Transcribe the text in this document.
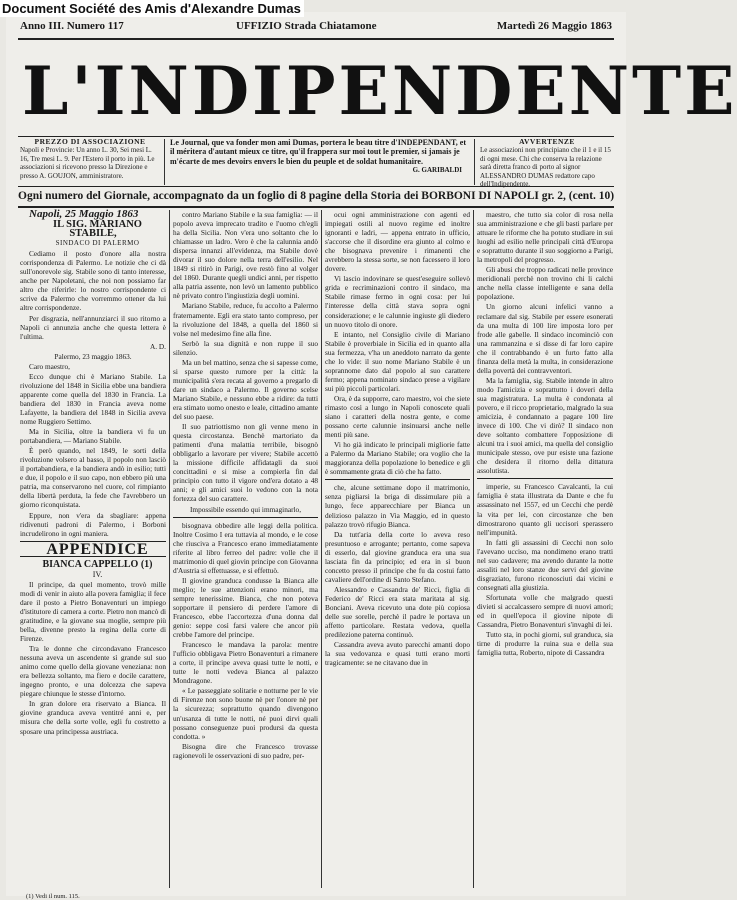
Document Société des Amis d'Alexandre Dumas
Anno III. Numero 117	UFFIZIO Strada Chiatamone	Martedì 26 Maggio 1863
L'INDIPENDENTE
PREZZO DI ASSOCIAZIONE
Napoli e Provincie: Un anno L. 30, Sei mesi L. 16, Tre mesi L. 9. Per l'Estero il porto in più. Le associazioni si ricevono presso la Direzione e presso A. GOUJON, amministratore.
Le Journal, que va fonder mon ami Dumas, portera le beau titre d'INDEPENDANT, et il méritera d'autant mieux ce titre, qu'il frappera sur moi tout le premier, si jamais je m'écarte de mes devoirs envers le bien du peuple et de soldat humanitaire.
G. GARIBALDI
AVVERTENZE
Le associazioni non principiano che il 1 e il 15 di ogni mese. Chi che conserva la relazione sarà diretta franco di porto al signor ALESSANDRO DUMAS redattore capo dell'Indipendente.
Ogni numero del Giornale, accompagnato da un foglio di 8 pagine della Storia dei BORBONI DI NAPOLI gr. 2, (cent. 10)

Napoli, 25 Maggio 1863

IL SIG. MARIANO STABILE,

SINDACO DI PALERMO

Cediamo il posto d'onore alla nostra corrispondenza di Palermo. Le notizie che ci dà sull'onorevole sig. Stabile sono di tanto interesse, anche per Napoletani, che noi non possiamo far altro che riferirle: lo nostro corrispondente ci scrive da Palermo che vorremmo ottener da lui altre corrispondenze.

Per disgrazia, nell'annunziarci il suo ritorno a Napoli ci annunzia anche che questa lettera è l'ultima.

A. D.

Palermo, 23 maggio 1863.

Caro maestro,

Ecco dunque chi è Mariano Stabile. La rivoluzione del 1848 in Sicilia ebbe una bandiera apparente come quella del 1830 in Francia. La bandiera del 1830 in Francia aveva nome Lafayette, la bandiera del 1848 in Sicilia aveva nome Ruggiero Settimo.

Ma in Sicilia, oltre la bandiera vi fu un portabandiera, — Mariano Stabile.

È però quando, nel 1849, le sorti della rivoluzione volsero al basso, il popolo non lasciò il portabandiera, e la bandiera andò in esilio; tutti e due, il popolo e il suo capo, non ebbero più una patria, ma conservarono nel cuore, col rimpianto della libertà perduta, la fede che l'avrebbero un giorno riconquistata.

Eppure, non v'era da sbagliare: appena ridivenuti padroni di Palermo, i Borboni incrudelirono in ogni maniera.

APPENDICE

BIANCA CAPPELLO (1)

IV.

Il principe, da quel momento, trovò mille modi di venir in aiuto alla povera famiglia; il fece dare il posto a Pietro Bonaventuri un impiego d'istitutore di camera a corte. Pietro non mancò di gratitudine, e la giovane sua moglie, sempre più bella, divenne presto la regina della corte di Firenze.

Tra le donne che circondavano Francesco nessuna aveva un ascendente sì grande sul suo animo come quello della giovane veneziana: non era bellezza soltanto, ma fiero e docile carattere, ingegno pronto, e una dolcezza che sapeva piegare chiunque le stesse d'intorno.

In gran dolore era riservato a Bianca. Il giovine granduca aveva ventitré anni e, per misura che della sorte volle, egli fu costretto a sposare una principessa austriaca.

(1) Vedi il num. 115.

contro Mariano Stabile e la sua famiglia: — il popolo aveva imprecato tradito e l'uomo ch'egli ha della Sicilia. Non v'era uno soltanto che lo chiamasse un ladro. Vero è che la calunnia andò dispersa innanzi all'evidenza, ma Stabile dovè divorar il suo dolore nella terra dell'esilio. Nel 1849 si ritirò in Parigi, ove restò fino al volger del 1860. Durante quegli undici anni, per rispetto alla patria assente, non levò un lamento pubblico nè privato contro l'ingiustizia degli uomini.

Mariano Stabile, reduce, fu accolto a Palermo fraternamente. Egli era stato tanto compreso, per la rivoluzione del 1848, a quella del 1860 si volse nel medesimo fine alla fine.

Serbò la sua dignità e non ruppe il suo silenzio.

Ma un bel mattino, senza che si sapesse come, si sparse questo rumore per la città: la municipalità s'era recata al governo a pregarlo di dare un sindaco a Palermo. Il governo scelse Mariano Stabile, e nessuno ebbe a ridire: da tutti era stimato uomo onesto e leale, cittadino amante del suo paese.

Il suo patriottismo non gli venne meno in questa circostanza. Benchè martoriato da patimenti d'una malattia terribile, bisognò obbligarlo a lavorare per vivere; Stabile accettò la missione difficile affidatagli da suoi concittadini e si mise a compierla fin dal principio con tutto il vigore ond'era dotato a 48 anni; e gli amici suoi lo vedono con la nota fortezza del suo carattere.

Impossibile essendo qui immaginarlo,

bisognava obbedire alle leggi della politica. Inoltre Cosimo I era tuttavia al mondo, e le cose che riusciva a Francesco erano immediatamente riferite al libro ferreo del padre: volle che il matrimonio di quel giovin principe con Giovanna d'Austria si effettuasse, e si effettuò.

Il giovine granduca condusse la Bianca alle meglio; le sue attenzioni erano minori, ma sempre tenerissime. Bianca, che non poteva sopportare il pensiero di perdere l'amore di Francesco, ebbe l'accortezza d'una donna dal genio: seppe così farsi valere che ancor più crebbe l'amore del principe.

Francesco le mandava la parola: mentre l'ufficio obbligava Pietro Bonaventuri a rimanere a corte, il principe aveva quasi tutte le notti, e tutte le notti vedeva Bianca al palazzo Mondragone.

« Le passeggiate solitarie e notturne per le vie di Firenze non sono buone nè per l'onore nè per la sicurezza; soprattutto quando divengono un'usanza di tutte le notti, né puoi dirvi quali possano conseguenze puoi prodursi da questa condotta. »

Bisogna dire che Francesco trovasse ragionevoli le osservazioni di suo padre, per-

ocui ogni amministrazione con agenti ed impiegati ostili al nuovo regime ed inoltre ignoranti e ladri, — appena entrato in ufficio, s'accorse che il disordine era giunto al colmo e che bisognava prevenire i rimanenti che avrebbero la stessa sorte, se non facessero il loro dovere.

Vi lascio indovinare se quest'eseguire sollevò grida e recriminazioni contro il sindaco, ma Stabile rimase fermo in ogni cosa: per lui l'interesse della città stava sopra ogni considerazione; e le calunnie ingiuste gli diedero un nuovo titolo di onore.

E intanto, nel Consiglio civile di Mariano Stabile è proverbiale in Sicilia ed in quanto alla sua fermezza, v'ha un aneddoto narrato da gente che lo vide: il suo nome Mariano Stabile è un soprannome dato dal popolo al suo carattere fermo; appena nominato sindaco prese a vigilare sui più piccoli particolari.

Ora, è da supporre, caro maestro, voi che siete rimasto così a lungo in Napoli conoscete quali siano i caratteri della nostra gente, e come possano certe calunnie insinuarsi anche nelle menti più sane.

Vi ho già indicato le principali migliorie fatte a Palermo da Mariano Stabile; ora voglio che la maggioranza della popolazione lo benedice e gli è sommamente grata di ciò che ha fatto.

che, alcune settimane dopo il matrimonio, senza pigliarsi la briga di dissimulare più a lungo, fece apparecchiare per Bianca un delizioso palazzo in Via Maggio, ed in questo palazzo trovò rifugio Bianca.

Da tutt'aria della corte lo aveva reso presuntuoso e arrogante; pertanto, come sapeva di esserlo, dal giovine granduca era una sua lasciata fin da principio; ed era in sì buon concetto presso il principe che fu da costui fatto cavaliere dell'ordine di Santo Stefano.

Alessandro e Cassandra de' Ricci, figlia di Federico de' Ricci era stata maritata al sig. Bonciani. Aveva ricevuto una dote più copiosa delle sue sorelle, perchè il padre le portava un affetto particolare. Restata vedova, quella predilezione paterna continuò.

Cassandra aveva avuto parecchi amanti dopo la sua vedovanza e quasi tutti erano morti tragicamente: se ne citavano due in

maestro, che tutto sia color di rosa nella sua amministrazione e che gli basti parlare per attuare le riforme che ha potuto studiare in sui luoghi ad esilio nelle principali città d'Europa e soprattutto durante il suo soggiorno a Parigi, la metropoli del progresso.

Gli abusi che troppo radicati nelle province meridionali perchè non trovino chi li calchi anche nella classe intelligente e sana della popolazione.

Un giorno alcuni infelici vanno a reclamare dal sig. Stabile per essere esonerati da una multa di 100 lire imposta loro per frode alle gabelle. Il sindaco incominciò con una rammanzina e si disse di far loro capire che il contrabbando è un furto fatto alla finanza della metà la multa, in considerazione della povertà dei contravventori.

Ma la famiglia, sig. Stabile intende in altro modo l'amicizia e soprattutto i doveri della sua magistratura. La multa è condonata al povero, e il ricco proprietario, malgrado la sua amicizia, è condannato a pagare 100 lire invece di 100. Che vi dirò? Il sindaco non deve soltanto combattere l'opposizione di alcuni tra i suoi amici, ma quella del consiglio municipale stesso, ove pur esiste una fazione che desidera il ritorno della dittatura assolutista.

imperie, su Francesco Cavalcanti, la cui famiglia è stata illustrata da Dante e che fu assassinato nel 1557, ed un Cecchi che perdè la vita per lei, con circostanze che ben dimostrarono quanto gli uccisori sperassero nell'impunità.

In fatti gli assassini di Cecchi non solo l'avevano ucciso, ma nondimeno erano tratti nel suo cadavere; ma avendo durante la notte assaliti nel loro stanze due servi del giovine disgraziato, furono riconosciuti dai vicini e consegnati alla giustizia.

Sfortunata volle che malgrado questi divieti si accalcassero sempre di nuovi amori; ed in quell'epoca il giovine nipote di Cassandra, Pietro Bonaventuri s'invaghì di lei.

Tutto sta, in pochi giorni, sul granduca, sia tirne di produrre la ruina sua e della sua famiglia tutta, Roberto, nipote di Cassandra
